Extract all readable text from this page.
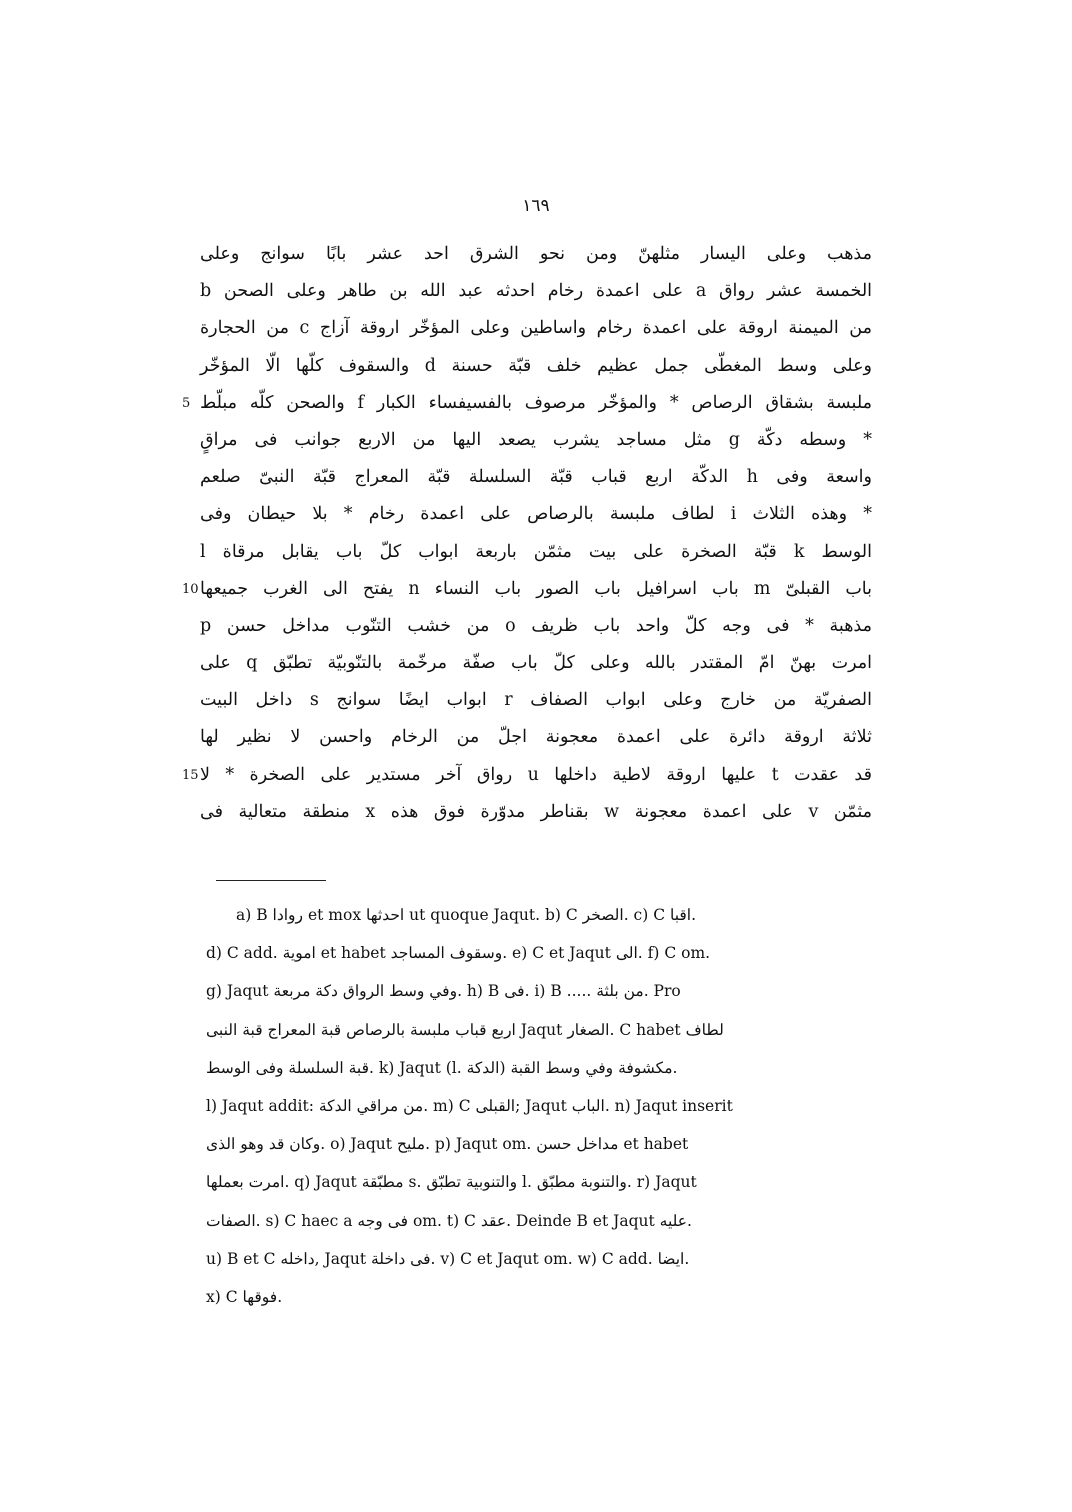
١٦٩
مذهب وعلى اليسار مثلهنّ ومن نحو الشرق احد عشر بابًا سوانج وعلى
الخمسة عشر رواق a على اعمدة رخام احدثه عبد الله بن طاهر وعلى الصحن b
من الميمنة اروقة على اعمدة رخام واساطين وعلى المؤخّر اروقة آزاج c من الحجارة
وعلى وسط المغطّى جمل عظيم خلف قبّة حسنة d والسقوف كلّها الّا المؤخّر
ملبسة بشقاق الرصاص * والمؤخّر مرصوف بالفسيفساء الكبار f والصحن كلّه مبلّط
5
* وسطه دكّة g مثل مساجد يشرب يصعد اليها من الاربع جوانب فى مراقٍ
واسعة وفى h الدكّة اربع قباب قبّة السلسلة قبّة المعراج قبّة النبىّ صلعم
* وهذه الثلاث i لطاف ملبسة بالرصاص على اعمدة رخام * بلا حيطان وفى
الوسط k قبّة الصخرة على بيت مثمّن باربعة ابواب كلّ باب يقابل مرقاة l
باب القبلىّ m باب اسرافيل باب الصور باب النساء n يفتح الى الغرب جميعها
10
مذهبة * فى وجه كلّ واحد باب ظريف o من خشب التنّوب مداخل حسن p
امرت بهنّ امّ المقتدر بالله وعلى كلّ باب صفّة مرخّمة بالتنّوبيّة تطبّق q على
الصفريّة من خارج وعلى ابواب الصفاف r ابواب ايضًا سوانج s داخل البيت
ثلاثة اروقة دائرة على اعمدة معجونة اجلّ من الرخام واحسن لا نظير لها
قد عقدت t عليها اروقة لاطية داخلها u رواق آخر مستدير على الصخرة * لا
15
مثمّن v على اعمدة معجونة w بقناطر مدوّرة فوق هذه x منطقة متعالية فى
a) B روادا et mox احدثها ut quoque Jaqut. b) C الصخر. c) C اقبا.
d) C add. اموية et habet وسقوف المساجد. e) C et Jaqut الى. f) C om.
g) Jaqut وفي وسط الرواق دكة مربعة. h) B فى. i) B ..... من بلثة. Pro
اربع قباب ملبسة بالرصاص قبة المعراج قبة النبى Jaqut الصغار. C habet لطاف
قبة السلسلة وفى الوسط. k) Jaqut (l. مكشوفة وفي وسط القبة (الدكة.
l) Jaqut addit: من مراقي الدكة. m) C القبلى; Jaqut الباب. n) Jaqut inserit
وكان قد وهو الذى. o) Jaqut مليح. p) Jaqut om. مداخل حسن et habet
امرت بعملها. q) Jaqut مطبّقة s. والتنوبية تطبّق l. والتنوبة مطبّق. r) Jaqut
الصفات. s) C haec a فى وجه om. t) C عقد. Deinde B et Jaqut عليه.
u) B et C داخله, Jaqut فى داخلة. v) C et Jaqut om. w) C add. ايضا.
x) C فوقها.
